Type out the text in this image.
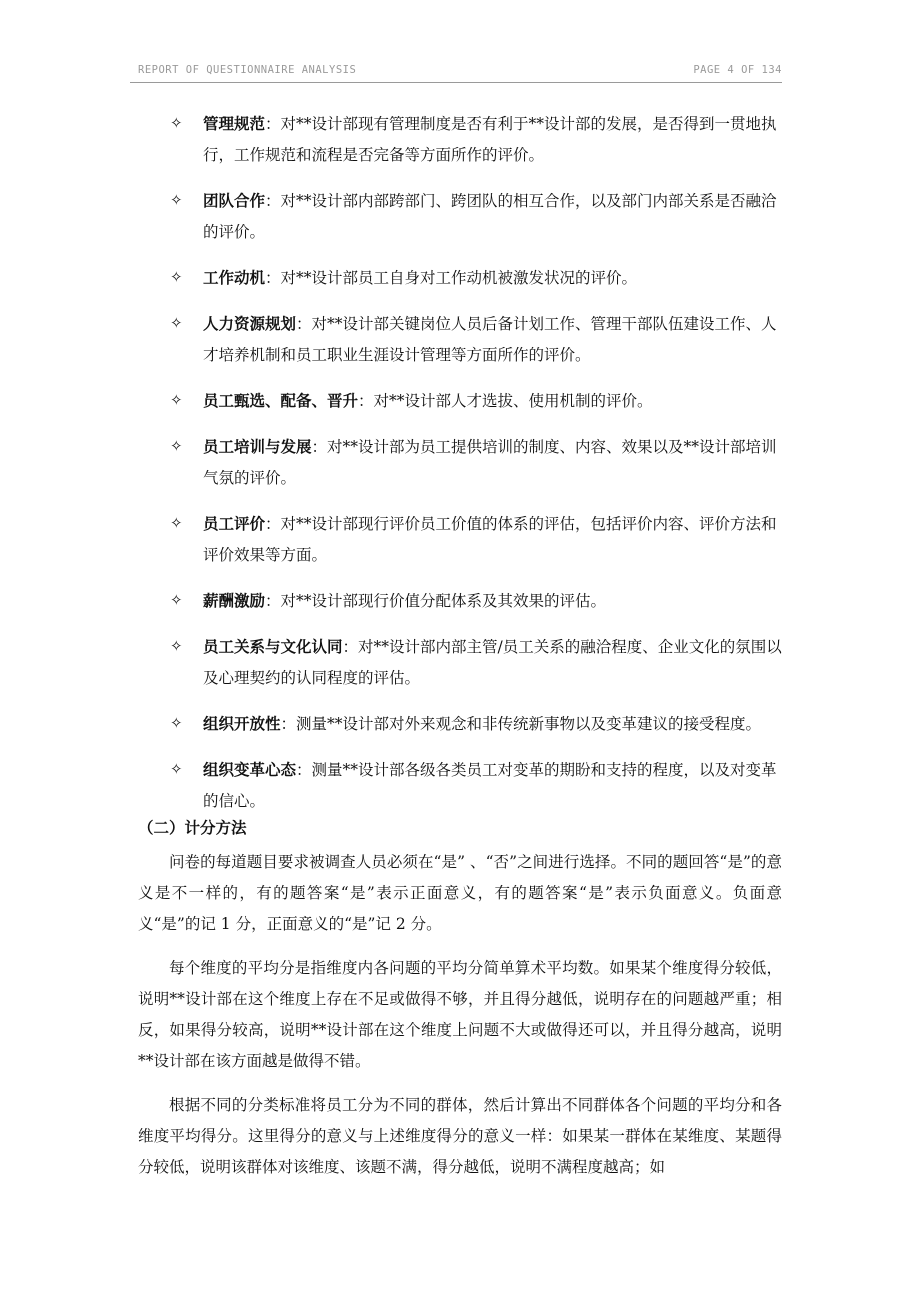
REPORT OF QUESTIONNAIRE ANALYSIS	PAGE 4 OF 134
✧	管理规范：对**设计部现有管理制度是否有利于**设计部的发展，是否得到一贯地执行，工作规范和流程是否完备等方面所作的评价。
✧	团队合作：对**设计部内部跨部门、跨团队的相互合作，以及部门内部关系是否融洽的评价。
✧	工作动机：对**设计部员工自身对工作动机被激发状况的评价。
✧	人力资源规划：对**设计部关键岗位人员后备计划工作、管理干部队伍建设工作、人才培养机制和员工职业生涯设计管理等方面所作的评价。
✧	员工甄选、配备、晋升：对**设计部人才选拔、使用机制的评价。
✧	员工培训与发展：对**设计部为员工提供培训的制度、内容、效果以及**设计部培训气氛的评价。
✧	员工评价：对**设计部现行评价员工价值的体系的评估，包括评价内容、评价方法和评价效果等方面。
✧	薪酬激励：对**设计部现行价值分配体系及其效果的评估。
✧	员工关系与文化认同：对**设计部内部主管/员工关系的融洽程度、企业文化的氛围以及心理契约的认同程度的评估。
✧	组织开放性：测量**设计部对外来观念和非传统新事物以及变革建议的接受程度。
✧	组织变革心态：测量**设计部各级各类员工对变革的期盼和支持的程度，以及对变革的信心。
（二）计分方法

问卷的每道题目要求被调查人员必须在“是” 、“否”之间进行选择。不同的题回答“是”的意义是不一样的，有的题答案“是”表示正面意义，有的题答案“是”表示负面意义。负面意义“是”的记 1 分，正面意义的“是”记 2 分。

每个维度的平均分是指维度内各问题的平均分简单算术平均数。如果某个维度得分较低，说明**设计部在这个维度上存在不足或做得不够，并且得分越低，说明存在的问题越严重；相反，如果得分较高，说明**设计部在这个维度上问题不大或做得还可以，并且得分越高，说明**设计部在该方面越是做得不错。

根据不同的分类标准将员工分为不同的群体，然后计算出不同群体各个问题的平均分和各维度平均得分。这里得分的意义与上述维度得分的意义一样：如果某一群体在某维度、某题得分较低，说明该群体对该维度、该题不满，得分越低，说明不满程度越高；如
